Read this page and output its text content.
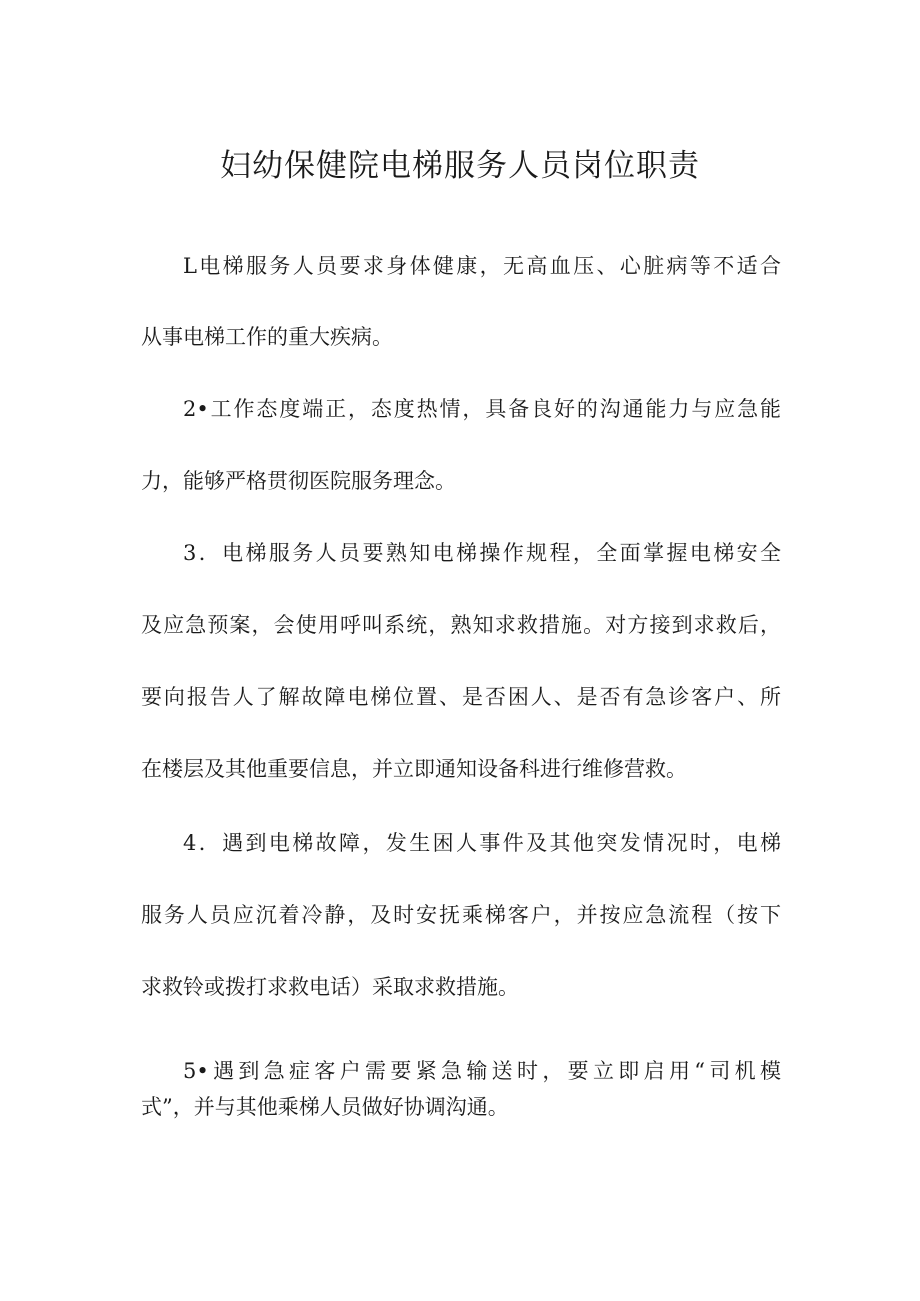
妇幼保健院电梯服务人员岗位职责

L电梯服务人员要求身体健康，无高血压、心脏病等不适合

从事电梯工作的重大疾病。

2•工作态度端正，态度热情，具备良好的沟通能力与应急能

力，能够严格贯彻医院服务理念。

3．电梯服务人员要熟知电梯操作规程，全面掌握电梯安全

及应急预案，会使用呼叫系统，熟知求救措施。对方接到求救后，

要向报告人了解故障电梯位置、是否困人、是否有急诊客户、所

在楼层及其他重要信息，并立即通知设备科进行维修营救。

4．遇到电梯故障，发生困人事件及其他突发情况时，电梯

服务人员应沉着冷静，及时安抚乘梯客户，并按应急流程（按下

求救铃或拨打求救电话）采取求救措施。

5•遇到急症客户需要紧急输送时，要立即启用“司机模

式”，并与其他乘梯人员做好协调沟通。
